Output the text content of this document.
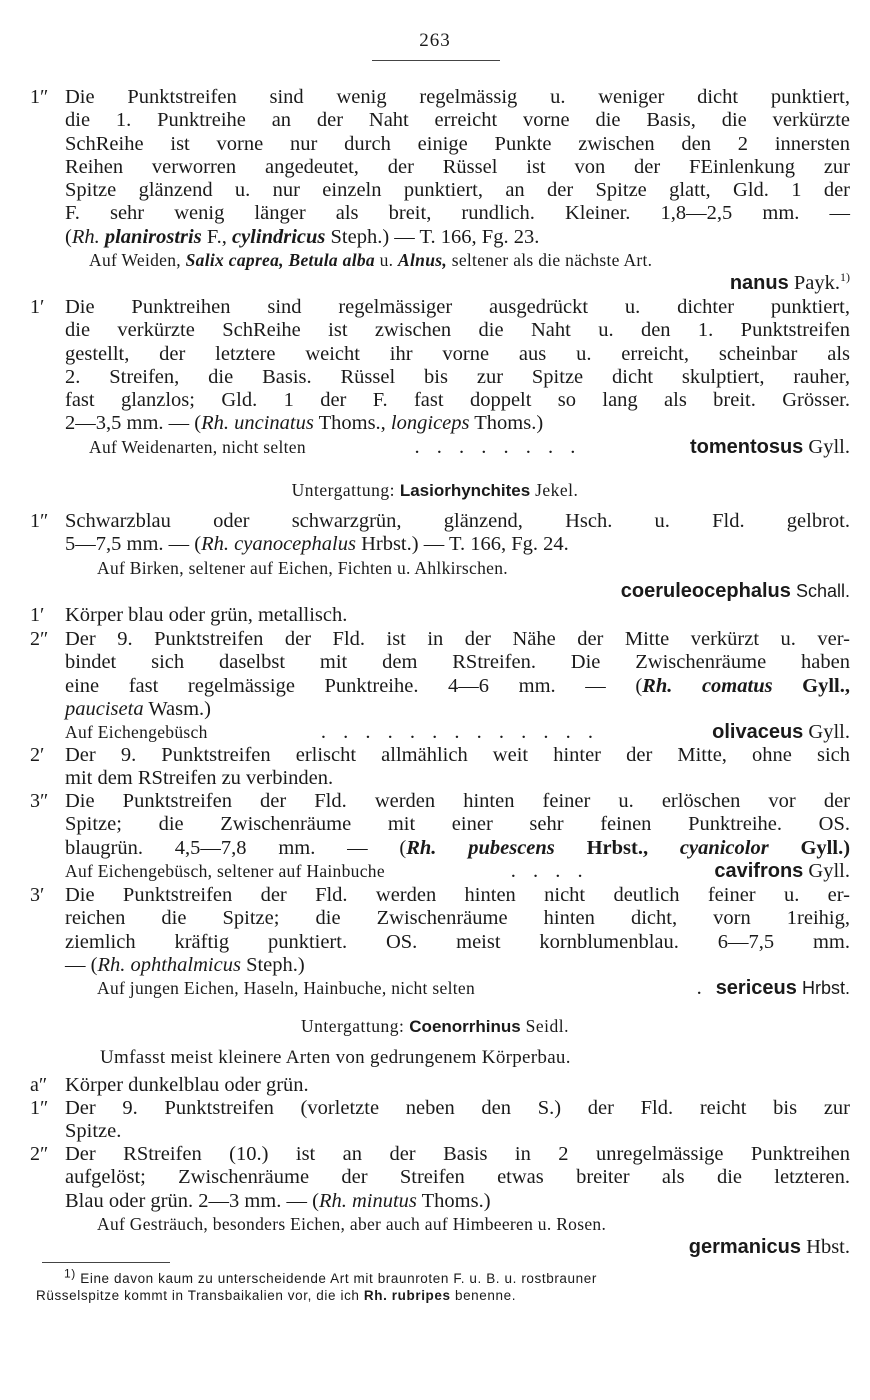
263
1″ Die Punktstreifen sind wenig regelmässig u. weniger dicht punktiert,
die 1. Punktreihe an der Naht erreicht vorne die Basis, die verkürzte
SchReihe ist vorne nur durch einige Punkte zwischen den 2 innersten
Reihen verworren angedeutet, der Rüssel ist von der FEinlenkung zur
Spitze glänzend u. nur einzeln punktiert, an der Spitze glatt, Gld. 1 der
F. sehr wenig länger als breit, rundlich. Kleiner. 1,8—2,5 mm. —
(Rh. planirostris F., cylindricus Steph.) — T. 166, Fg. 23.
Auf Weiden, Salix caprea, Betula alba u. Alnus, seltener als die nächste Art.
nanus Payk.$^{1)}$
1′	Die Punktreihen sind regelmässiger ausgedrückt u. dichter punktiert,
die verkürzte SchReihe ist zwischen die Naht u. den 1. Punktstreifen
gestellt, der letztere weicht ihr vorne aus u. erreicht, scheinbar als
2. Streifen, die Basis. Rüssel bis zur Spitze dicht skulptiert, rauher,
fast glanzlos; Gld. 1 der F. fast doppelt so lang als breit. Grösser.
2—3,5 mm. — (Rh. uncinatus Thoms., longiceps Thoms.)
Auf Weidenarten, nicht selten	. . . . . . . .	tomentosus Gyll.
Untergattung: Lasiorhynchites Jekel.
1″ Schwarzblau oder schwarzgrün, glänzend, Hsch. u. Fld. gelbrot.
5—7,5 mm. — (Rh. cyanocephalus Hrbst.) — T. 166, Fg. 24.
Auf Birken, seltener auf Eichen, Fichten u. Ahlkirschen.
coeruleocephalus Schall.
1′	Körper blau oder grün, metallisch.
2″ Der 9. Punktstreifen der Fld. ist in der Nähe der Mitte verkürzt u. ver-
bindet sich daselbst mit dem RStreifen. Die Zwischenräume haben
eine fast regelmässige Punktreihe. 4—6 mm. — (Rh. comatus Gyll.,
pauciseta Wasm.)
Auf Eichengebüsch	. . . . . . . . . . . . .	olivaceus Gyll.
2′	Der 9. Punktstreifen erlischt allmählich weit hinter der Mitte, ohne sich
mit dem RStreifen zu verbinden.
3″ Die Punktstreifen der Fld. werden hinten feiner u. erlöschen vor der
Spitze; die Zwischenräume mit einer sehr feinen Punktreihe. OS.
blaugrün. 4,5—7,8 mm. — (Rh. pubescens Hrbst., cyanicolor Gyll.)
Auf Eichengebüsch, seltener auf Hainbuche	. . . .	cavifrons Gyll.
3′	Die Punktstreifen der Fld. werden hinten nicht deutlich feiner u. er-
reichen die Spitze; die Zwischenräume hinten dicht, vorn 1reihig,
ziemlich kräftig punktiert. OS. meist kornblumenblau. 6—7,5 mm.
— (Rh. ophthalmicus Steph.)
Auf jungen Eichen, Haseln, Hainbuche, nicht selten	. sericeus Hrbst.
Untergattung: Coenorrhinus Seidl.
Umfasst meist kleinere Arten von gedrungenem Körperbau.
a″ Körper dunkelblau oder grün.
1″ Der 9. Punktstreifen (vorletzte neben den S.) der Fld. reicht bis zur
Spitze.
2″ Der RStreifen (10.) ist an der Basis in 2 unregelmässige Punktreihen
aufgelöst; Zwischenräume der Streifen etwas breiter als die letzteren.
Blau oder grün. 2—3 mm. — (Rh. minutus Thoms.)
Auf Gesträuch, besonders Eichen, aber auch auf Himbeeren u. Rosen.
germanicus Hbst.
1) Eine davon kaum zu unterscheidende Art mit braunroten F. u. B. u. rostbrauner
Rüsselspitze kommt in Transbaikalien vor, die ich Rh. rubripes benenne.
